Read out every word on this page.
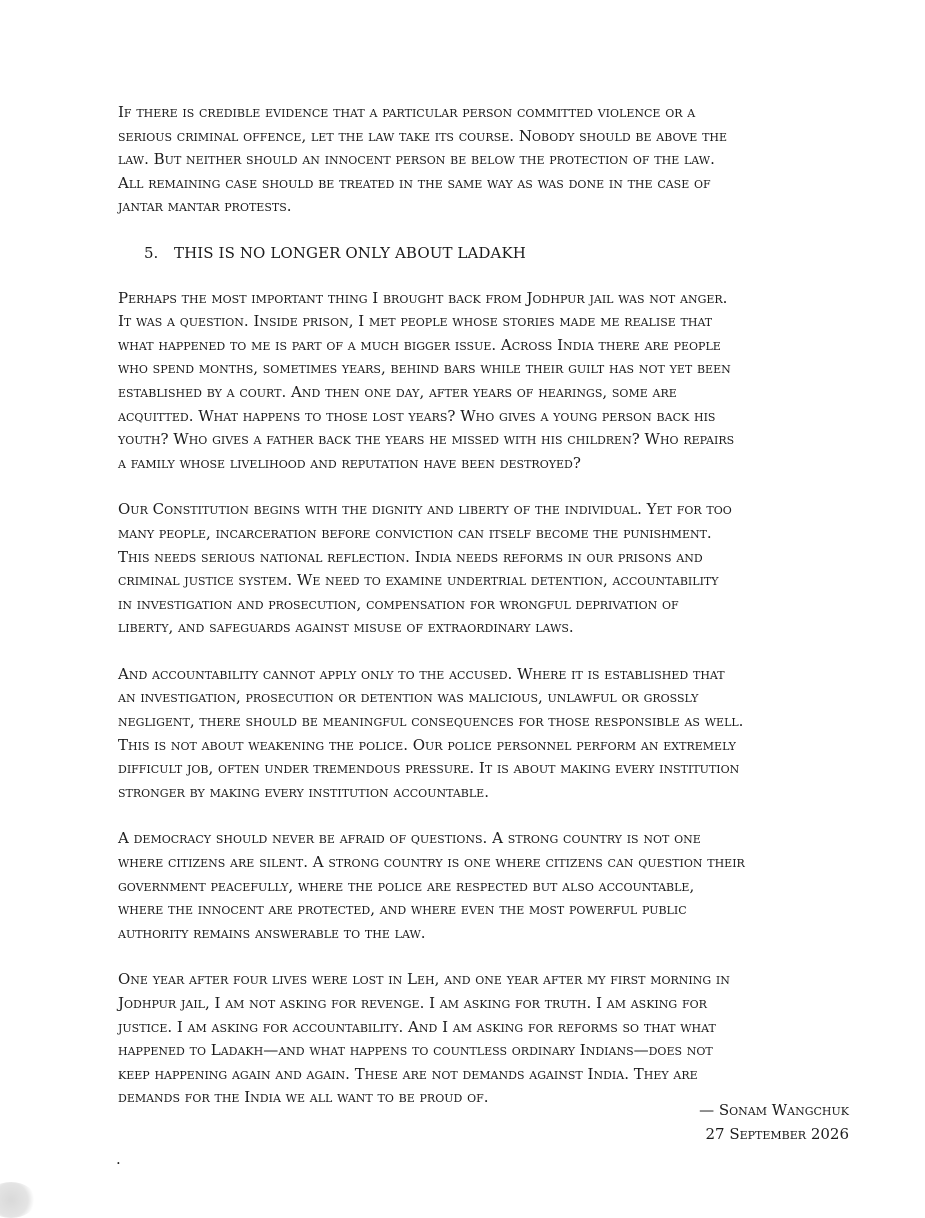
If there is credible evidence that a particular person committed violence or a
serious criminal offence, let the law take its course. Nobody should be above the
law. But neither should an innocent person be below the protection of the law.
All remaining case should be treated in the same way as was done in the case of
jantar mantar protests.

5.	THIS IS NO LONGER ONLY ABOUT LADAKH

Perhaps the most important thing I brought back from Jodhpur jail was not anger.
It was a question. Inside prison, I met people whose stories made me realise that
what happened to me is part of a much bigger issue. Across India there are people
who spend months, sometimes years, behind bars while their guilt has not yet been
established by a court. And then one day, after years of hearings, some are
acquitted. What happens to those lost years? Who gives a young person back his
youth? Who gives a father back the years he missed with his children? Who repairs
a family whose livelihood and reputation have been destroyed?

Our Constitution begins with the dignity and liberty of the individual. Yet for too
many people, incarceration before conviction can itself become the punishment.
This needs serious national reflection. India needs reforms in our prisons and
criminal justice system. We need to examine undertrial detention, accountability
in investigation and prosecution, compensation for wrongful deprivation of
liberty, and safeguards against misuse of extraordinary laws.

And accountability cannot apply only to the accused. Where it is established that
an investigation, prosecution or detention was malicious, unlawful or grossly
negligent, there should be meaningful consequences for those responsible as well.
This is not about weakening the police. Our police personnel perform an extremely
difficult job, often under tremendous pressure. It is about making every institution
stronger by making every institution accountable.

A democracy should never be afraid of questions. A strong country is not one
where citizens are silent. A strong country is one where citizens can question their
government peacefully, where the police are respected but also accountable,
where the innocent are protected, and where even the most powerful public
authority remains answerable to the law.

One year after four lives were lost in Leh, and one year after my first morning in
Jodhpur jail, I am not asking for revenge. I am asking for truth. I am asking for
justice. I am asking for accountability. And I am asking for reforms so that what
happened to Ladakh—and what happens to countless ordinary Indians—does not
keep happening again and again. These are not demands against India. They are
demands for the India we all want to be proud of.

— Sonam Wangchuk
27 September 2026
.
